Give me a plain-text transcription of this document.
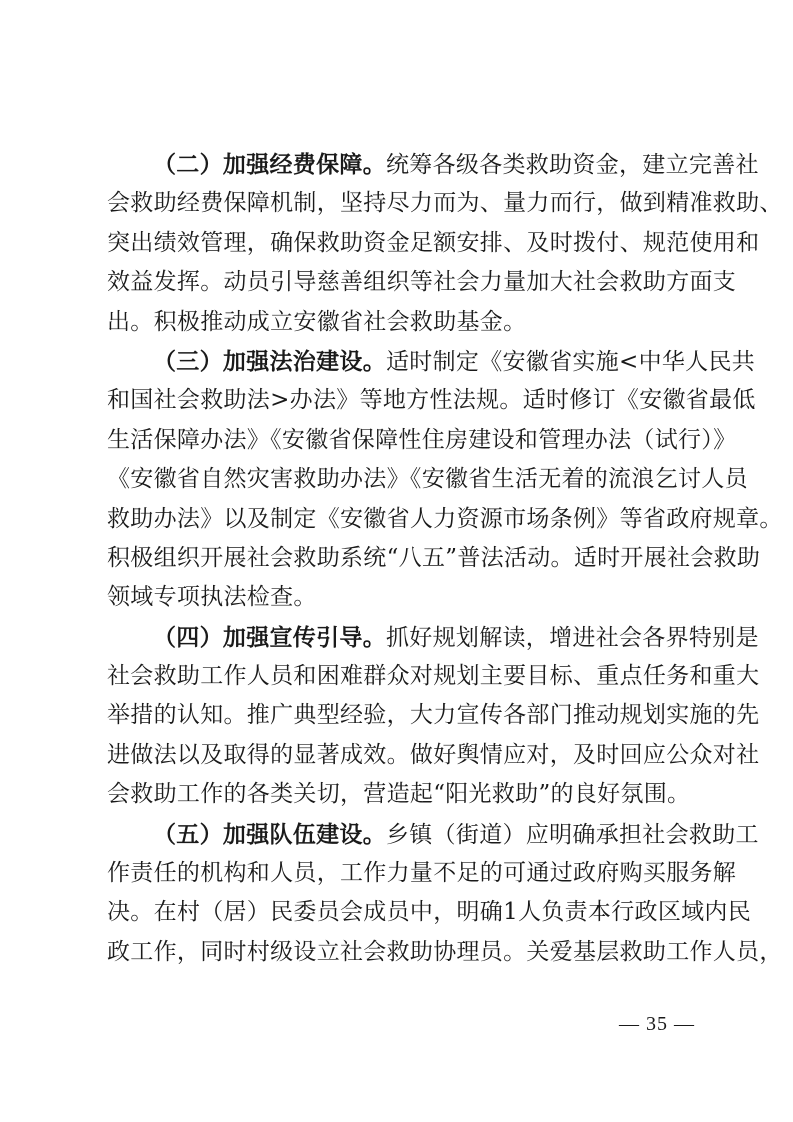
（二）加强经费保障。统筹各级各类救助资金，建立完善社
会救助经费保障机制，坚持尽力而为、量力而行，做到精准救助、
突出绩效管理，确保救助资金足额安排、及时拨付、规范使用和
效益发挥。动员引导慈善组织等社会力量加大社会救助方面支
出。积极推动成立安徽省社会救助基金。
（三）加强法治建设。适时制定《安徽省实施<中华人民共
和国社会救助法>办法》等地方性法规。适时修订《安徽省最低
生活保障办法》《安徽省保障性住房建设和管理办法（试行）》
《安徽省自然灾害救助办法》《安徽省生活无着的流浪乞讨人员
救助办法》以及制定《安徽省人力资源市场条例》等省政府规章。
积极组织开展社会救助系统“八五”普法活动。适时开展社会救助
领域专项执法检查。
（四）加强宣传引导。抓好规划解读，增进社会各界特别是
社会救助工作人员和困难群众对规划主要目标、重点任务和重大
举措的认知。推广典型经验，大力宣传各部门推动规划实施的先
进做法以及取得的显著成效。做好舆情应对，及时回应公众对社
会救助工作的各类关切，营造起“阳光救助”的良好氛围。
（五）加强队伍建设。乡镇（街道）应明确承担社会救助工
作责任的机构和人员，工作力量不足的可通过政府购买服务解
决。在村（居）民委员会成员中，明确1人负责本行政区域内民
政工作，同时村级设立社会救助协理员。关爱基层救助工作人员，
— 35 —
